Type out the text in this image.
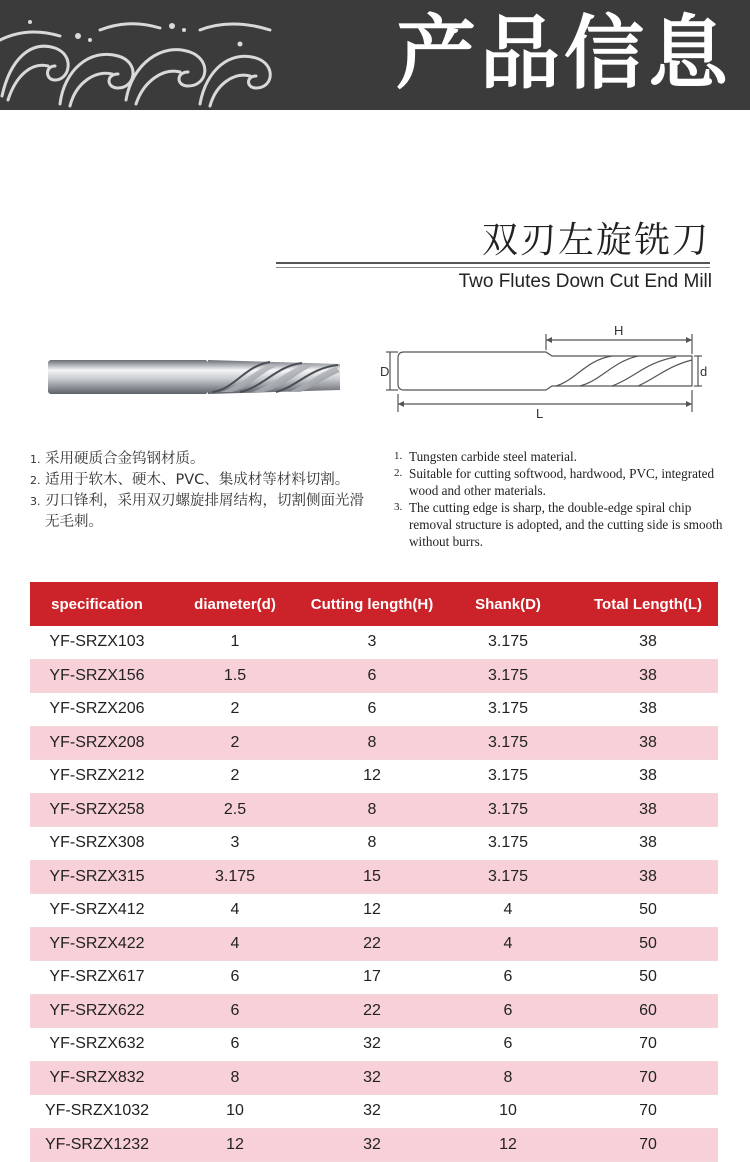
产品信息
双刃左旋铣刀
Two Flutes Down Cut End Mill
H
D	d
L
1. 采用硬质合金钨钢材质。
2. 适用于软木、硬木、PVC、集成材等材料切割。
3. 刃口锋利，采用双刃螺旋排屑结构，切割侧面光滑无毛刺。
1. Tungsten carbide steel material.
2. Suitable for cutting softwood, hardwood, PVC, integrated wood and other materials.
3. The cutting edge is sharp, the double-edge spiral chip removal structure is adopted, and the cutting side is smooth without burrs.
specification	diameter(d)	Cutting length(H)	Shank(D)	Total Length(L)
YF-SRZX103	1	3	3.175	38
YF-SRZX156	1.5	6	3.175	38
YF-SRZX206	2	6	3.175	38
YF-SRZX208	2	8	3.175	38
YF-SRZX212	2	12	3.175	38
YF-SRZX258	2.5	8	3.175	38
YF-SRZX308	3	8	3.175	38
YF-SRZX315	3.175	15	3.175	38
YF-SRZX412	4	12	4	50
YF-SRZX422	4	22	4	50
YF-SRZX617	6	17	6	50
YF-SRZX622	6	22	6	60
YF-SRZX632	6	32	6	70
YF-SRZX832	8	32	8	70
YF-SRZX1032	10	32	10	70
YF-SRZX1232	12	32	12	70
